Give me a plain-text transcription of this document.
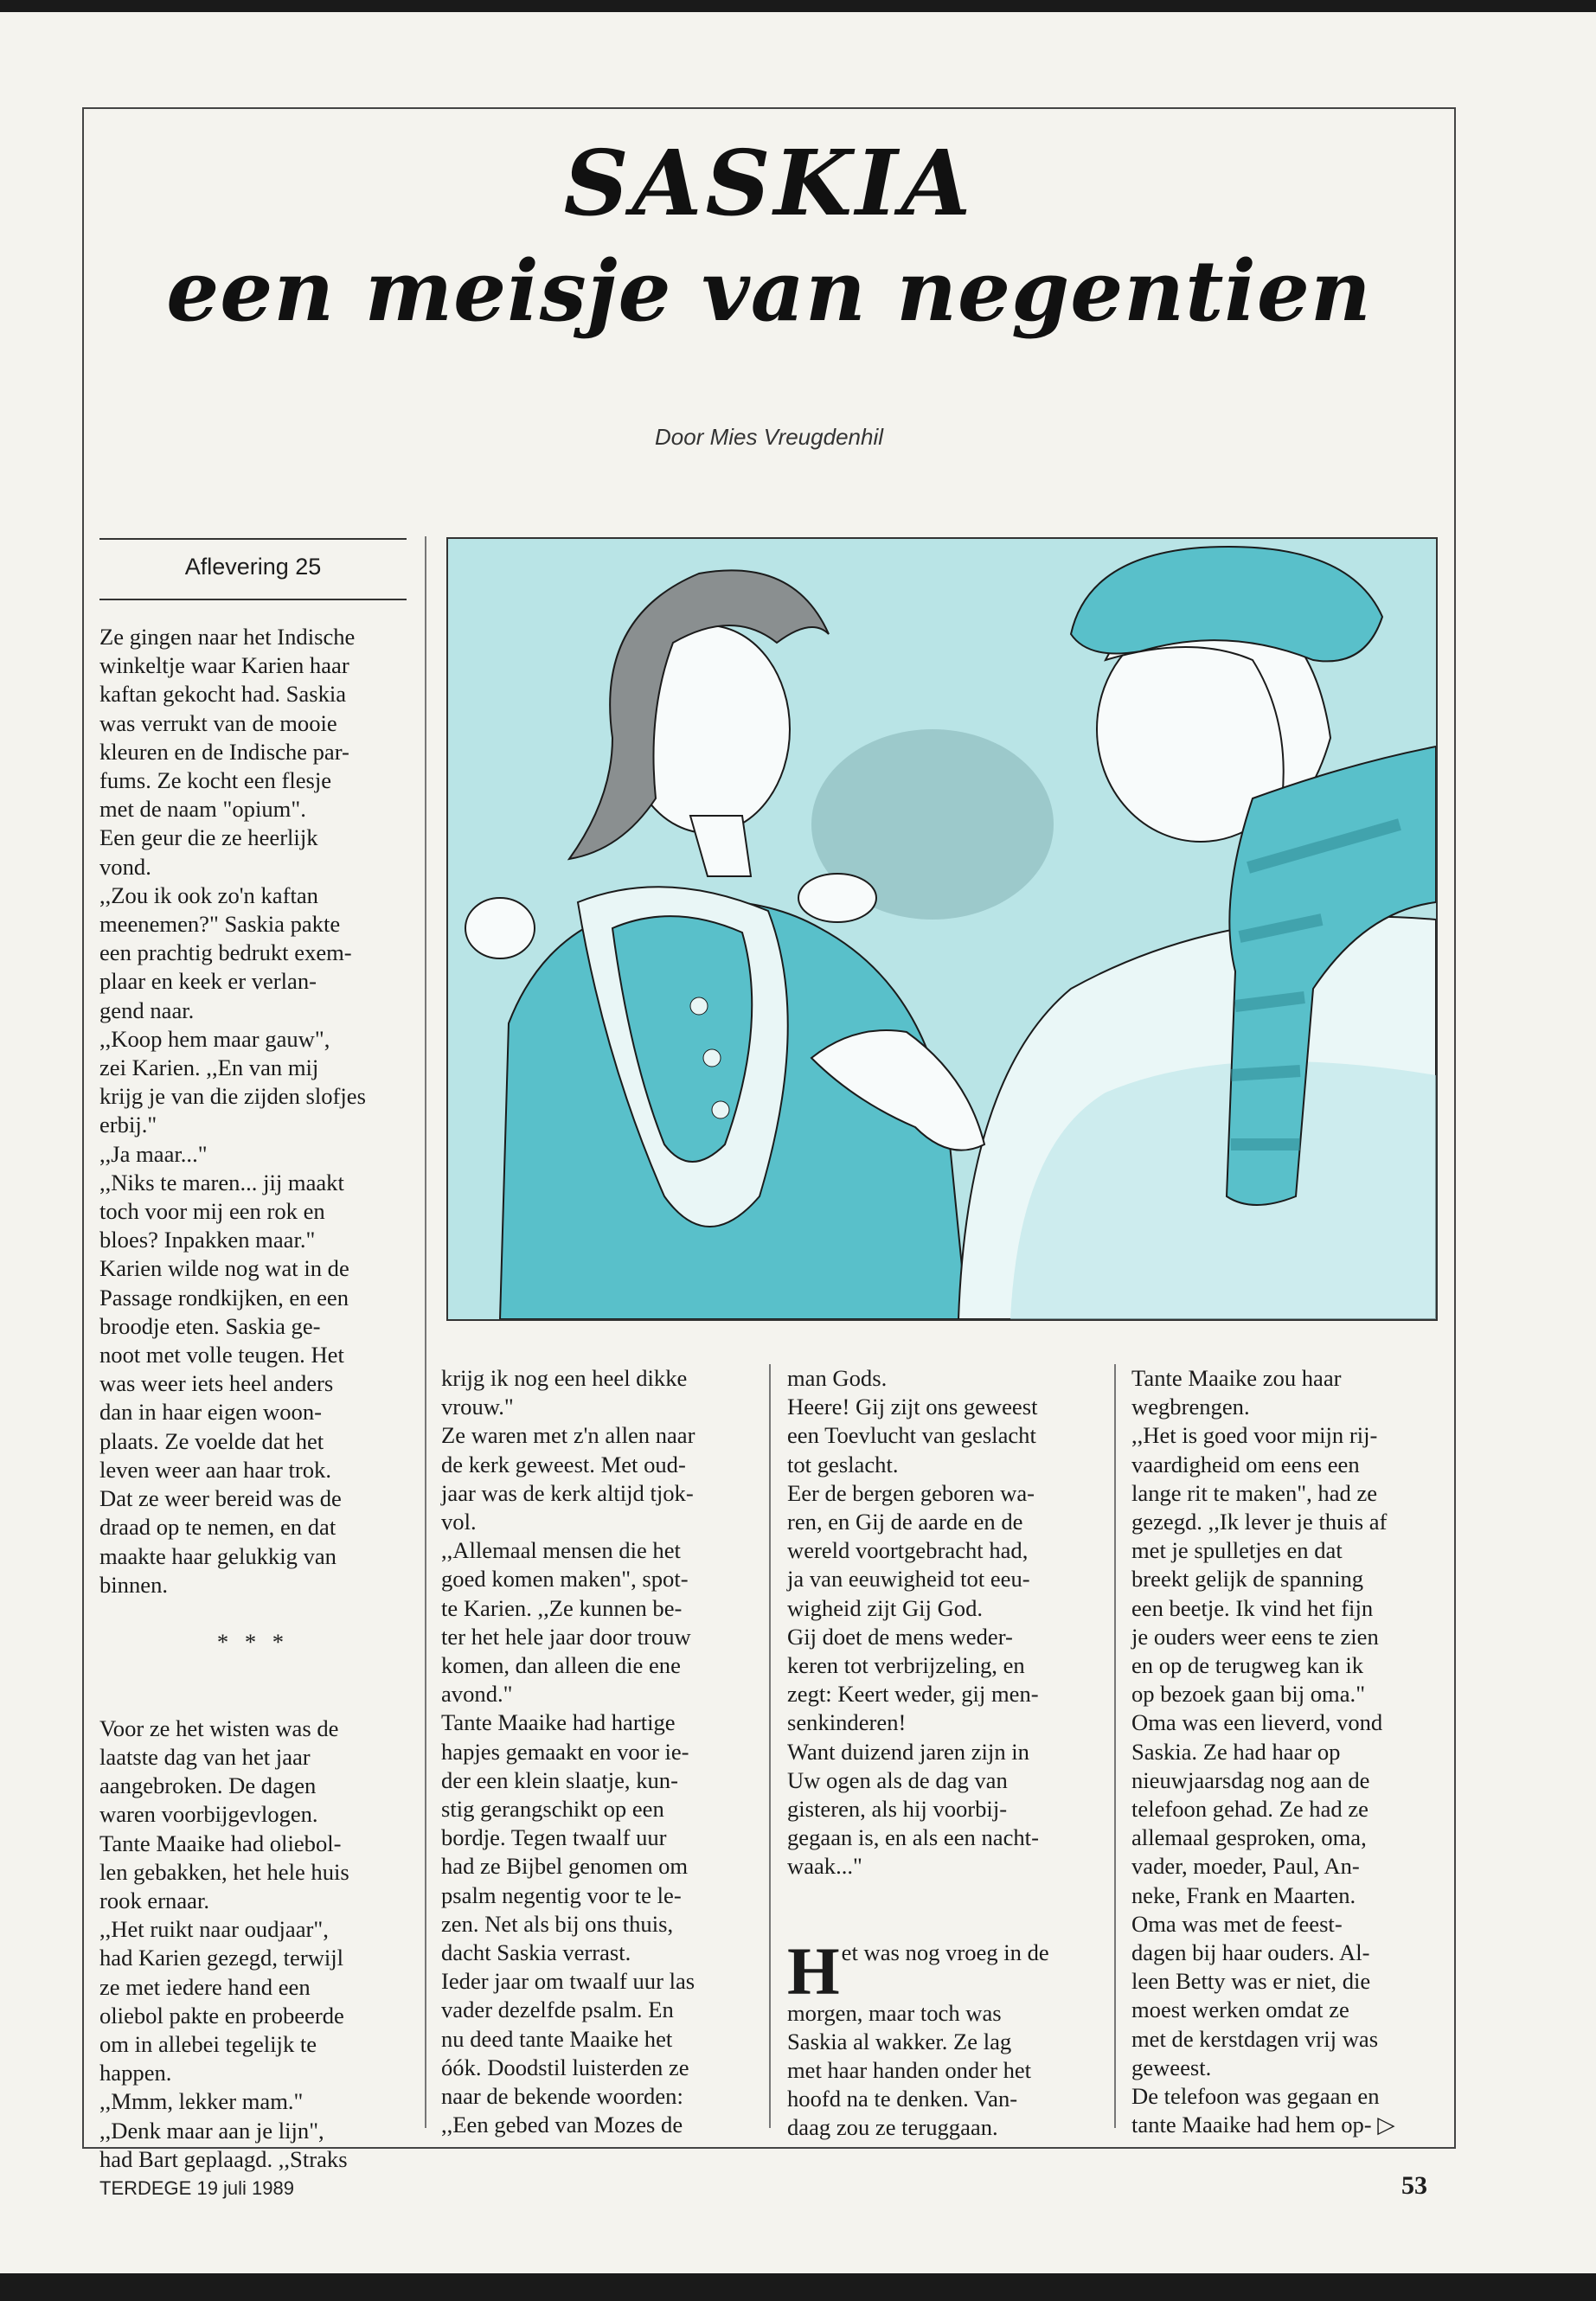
SASKIA
een meisje van negentien
Door Mies Vreugdenhil
Aflevering 25

Ze gingen naar het Indische

winkeltje waar Karien haar

kaftan gekocht had. Saskia

was verrukt van de mooie

kleuren en de Indische par-

fums. Ze kocht een flesje

met de naam "opium".

Een geur die ze heerlijk

vond.

,,Zou ik ook zo'n kaftan

meenemen?" Saskia pakte

een prachtig bedrukt exem-

plaar en keek er verlan-

gend naar.

,,Koop hem maar gauw",

zei Karien. ,,En van mij

krijg je van die zijden slofjes

erbij."

,,Ja maar..."

,,Niks te maren... jij maakt

toch voor mij een rok en

bloes? Inpakken maar."

Karien wilde nog wat in de

Passage rondkijken, en een

broodje eten. Saskia ge-

noot met volle teugen. Het

was weer iets heel anders

dan in haar eigen woon-

plaats. Ze voelde dat het

leven weer aan haar trok.

Dat ze weer bereid was de

draad op te nemen, en dat

maakte haar gelukkig van

binnen.

* * *

Voor ze het wisten was de

laatste dag van het jaar

aangebroken. De dagen

waren voorbijgevlogen.

Tante Maaike had oliebol-

len gebakken, het hele huis

rook ernaar.

,,Het ruikt naar oudjaar",

had Karien gezegd, terwijl

ze met iedere hand een

oliebol pakte en probeerde

om in allebei tegelijk te

happen.

,,Mmm, lekker mam."

,,Denk maar aan je lijn",

had Bart geplaagd. ,,Straks

krijg ik nog een heel dikke

vrouw."

Ze waren met z'n allen naar

de kerk geweest. Met oud-

jaar was de kerk altijd tjok-

vol.

,,Allemaal mensen die het

goed komen maken", spot-

te Karien. ,,Ze kunnen be-

ter het hele jaar door trouw

komen, dan alleen die ene

avond."

Tante Maaike had hartige

hapjes gemaakt en voor ie-

der een klein slaatje, kun-

stig gerangschikt op een

bordje. Tegen twaalf uur

had ze Bijbel genomen om

psalm negentig voor te le-

zen. Net als bij ons thuis,

dacht Saskia verrast.

Ieder jaar om twaalf uur las

vader dezelfde psalm. En

nu deed tante Maaike het

óók. Doodstil luisterden ze

naar de bekende woorden:

,,Een gebed van Mozes de

man Gods.

Heere! Gij zijt ons geweest

een Toevlucht van geslacht

tot geslacht.

Eer de bergen geboren wa-

ren, en Gij de aarde en de

wereld voortgebracht had,

ja van eeuwigheid tot eeu-

wigheid zijt Gij God.

Gij doet de mens weder-

keren tot verbrijzeling, en

zegt: Keert weder, gij men-

senkinderen!

Want duizend jaren zijn in

Uw ogen als de dag van

gisteren, als hij voorbij-

gegaan is, en als een nacht-

waak..."

Het was nog vroeg in de

morgen, maar toch was

Saskia al wakker. Ze lag

met haar handen onder het

hoofd na te denken. Van-

daag zou ze teruggaan.

Tante Maaike zou haar

wegbrengen.

,,Het is goed voor mijn rij-

vaardigheid om eens een

lange rit te maken", had ze

gezegd. ,,Ik lever je thuis af

met je spulletjes en dat

breekt gelijk de spanning

een beetje. Ik vind het fijn

je ouders weer eens te zien

en op de terugweg kan ik

op bezoek gaan bij oma."

Oma was een lieverd, vond

Saskia. Ze had haar op

nieuwjaarsdag nog aan de

telefoon gehad. Ze had ze

allemaal gesproken, oma,

vader, moeder, Paul, An-

neke, Frank en Maarten.

Oma was met de feest-

dagen bij haar ouders. Al-

leen Betty was er niet, die

moest werken omdat ze

met de kerstdagen vrij was

geweest.

De telefoon was gegaan en

tante Maaike had hem op- ▷

TERDEGE 19 juli 1989	53
